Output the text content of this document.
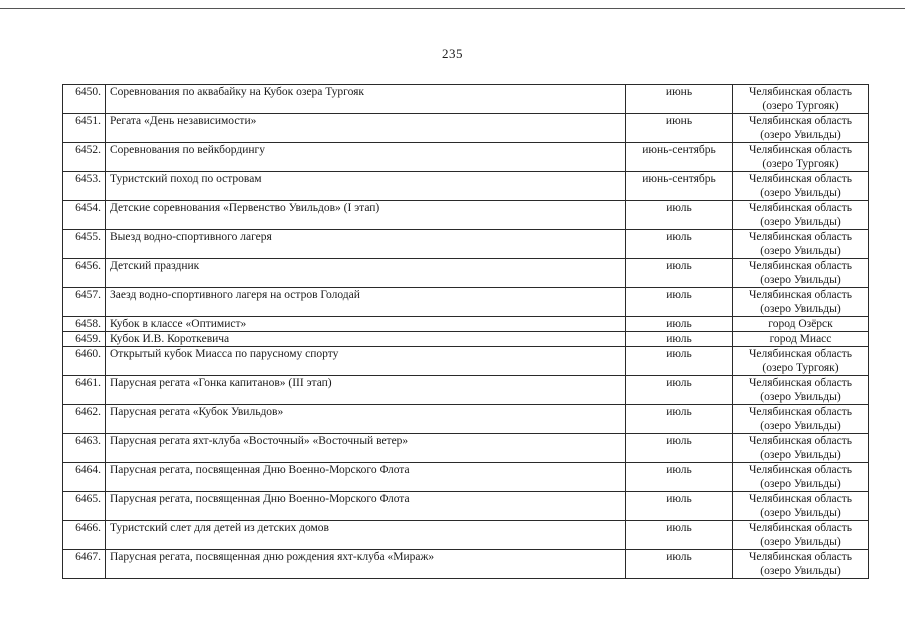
235
6450.	Соревнования по аквабайку на Кубок озера Тургояк	июнь	Челябинская область
(озеро Тургояк)

6451.	Регата «День независимости»	июнь	Челябинская область
(озеро Увильды)

6452.	Соревнования по вейкбордингу	июнь-сентябрь	Челябинская область
(озеро Тургояк)

6453.	Туристский поход по островам	июнь-сентябрь	Челябинская область
(озеро Увильды)

6454.	Детские соревнования «Первенство Увильдов» (I этап)	июль	Челябинская область
(озеро Увильды)

6455.	Выезд водно-спортивного лагеря	июль	Челябинская область
(озеро Увильды)

6456.	Детский праздник	июль	Челябинская область
(озеро Увильды)

6457.	Заезд водно-спортивного лагеря на остров Голодай	июль	Челябинская область
(озеро Увильды)

6458.	Кубок в классе «Оптимист»	июль	город Озёрск

6459.	Кубок И.В. Короткевича	июль	город Миасс

6460.	Открытый кубок Миасса по парусному спорту	июль	Челябинская область
(озеро Тургояк)

6461.	Парусная регата «Гонка капитанов» (III этап)	июль	Челябинская область
(озеро Увильды)

6462.	Парусная регата «Кубок Увильдов»	июль	Челябинская область
(озеро Увильды)

6463.	Парусная регата яхт-клуба «Восточный» «Восточный ветер»	июль	Челябинская область
(озеро Увильды)

6464.	Парусная регата, посвященная Дню Военно-Морского Флота	июль	Челябинская область
(озеро Увильды)

6465.	Парусная регата, посвященная Дню Военно-Морского Флота	июль	Челябинская область
(озеро Увильды)

6466.	Туристский слет для детей из детских домов	июль	Челябинская область
(озеро Увильды)

6467.	Парусная регата, посвященная дню рождения яхт-клуба «Мираж»	июль	Челябинская область
(озеро Увильды)
